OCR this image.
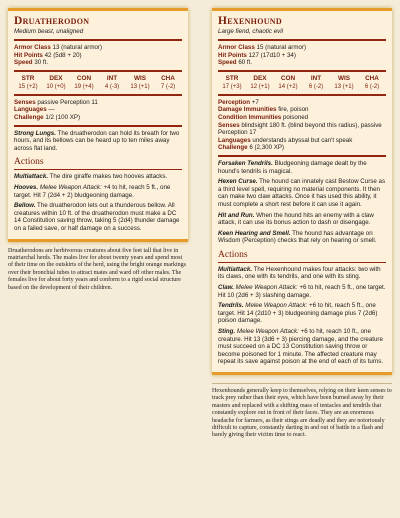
Druatherodon
Medium beast, unaligned
Armor Class 13 (natural armor)
Hit Points 42 (5d8 + 20)
Speed 30 ft.
STR
15 (+2)
DEX
10 (+0)
CON
19 (+4)
INT
4 (-3)
WIS
13 (+1)
CHA
7 (-2)
Senses passive Perception 11
Languages —
Challenge 1/2 (100 XP)
Strong Lungs. The druatherodon can hold its breath for two hours, and its bellows can be heard up to ten miles away across flat land.
Actions
Multiattack. The dire giraffe makes two hooves attacks.
Hooves. Melee Weapon Attack: +4 to hit, reach 5 ft., one target. Hit 7 (2d4 + 2) bludgeoning damage.
Bellow. The druatherodon lets out a thunderous bellow. All creatures within 10 ft. of the druatherodon must make a DC 14 Constitution saving throw, taking 5 (2d4) thunder damage on a failed save, or half damage on a success.
Druatherodons are herbivorous creatures about five feet tall that live in matriarchal herds. The males live for about twenty years and spend most of their time on the outskirts of the herd, using the bright orange markings over their bronchial tubes to attract mates and ward off other males. The females live for about forty years and conform to a rigid social structure based on the development of their children.
Hexenhound
Large fiend, chaotic evil
Armor Class 15 (natural armor)
Hit Points 127 (17d10 + 34)
Speed 60 ft.
STR
17 (+3)
DEX
12 (+1)
CON
14 (+2)
INT
6 (-2)
WIS
13 (+1)
CHA
6 (-2)
Perception +7
Damage Immunities fire, poison
Condition Immunities poisoned
Senses blindsight 180 ft. (blind beyond this radius), passive Perception 17
Languages understands abyssal but can't speak
Challenge 6 (2,300 XP)
Forsaken Tendrils. Bludgeoning damage dealt by the hound's tendrils is magical.
Hexen Curse. The hound can innately cast Bestow Curse as a third level spell, requiring no material components. It then can make two claw attacks. Once it has used this ability, it must complete a short rest before it can use it again.
Hit and Run. When the hound hits an enemy with a claw attack, it can use its bonus action to dash or disengage.
Keen Hearing and Smell. The hound has advantage on Wisdom (Perception) checks that rely on hearing or smell.
Actions
Multiattack. The Hexenhound makes four attacks: two with its claws, one with its tendrils, and one with its sting.
Claw. Melee Weapon Attack: +6 to hit, reach 5 ft., one target. Hit 10 (2d6 + 3) slashing damage.
Tendrils. Melee Weapon Attack: +6 to hit, reach 5 ft., one target. Hit 14 (2d10 + 3) bludgeoning damage plus 7 (2d6) poison damage.
Sting. Melee Weapon Attack: +6 to hit, reach 10 ft., one creature. Hit 13 (3d6 + 3) piercing damage, and the creature must succeed on a DC 13 Constitution saving throw or become poisoned for 1 minute. The affected creature may repeat its save against poison at the end of each of its turns.
Hexenhounds generally keep to themselves, relying on their keen senses to track prey rather than their eyes, which have been burned away by their masters and replaced with a shifting mass of tentacles and tendrils that constantly explore out in front of their faces. They are an enormous headache for farmers, as their stings are deadly and they are notoriously difficult to capture, constantly darting in and out of battle in a flash and barely giving their victim time to react.
